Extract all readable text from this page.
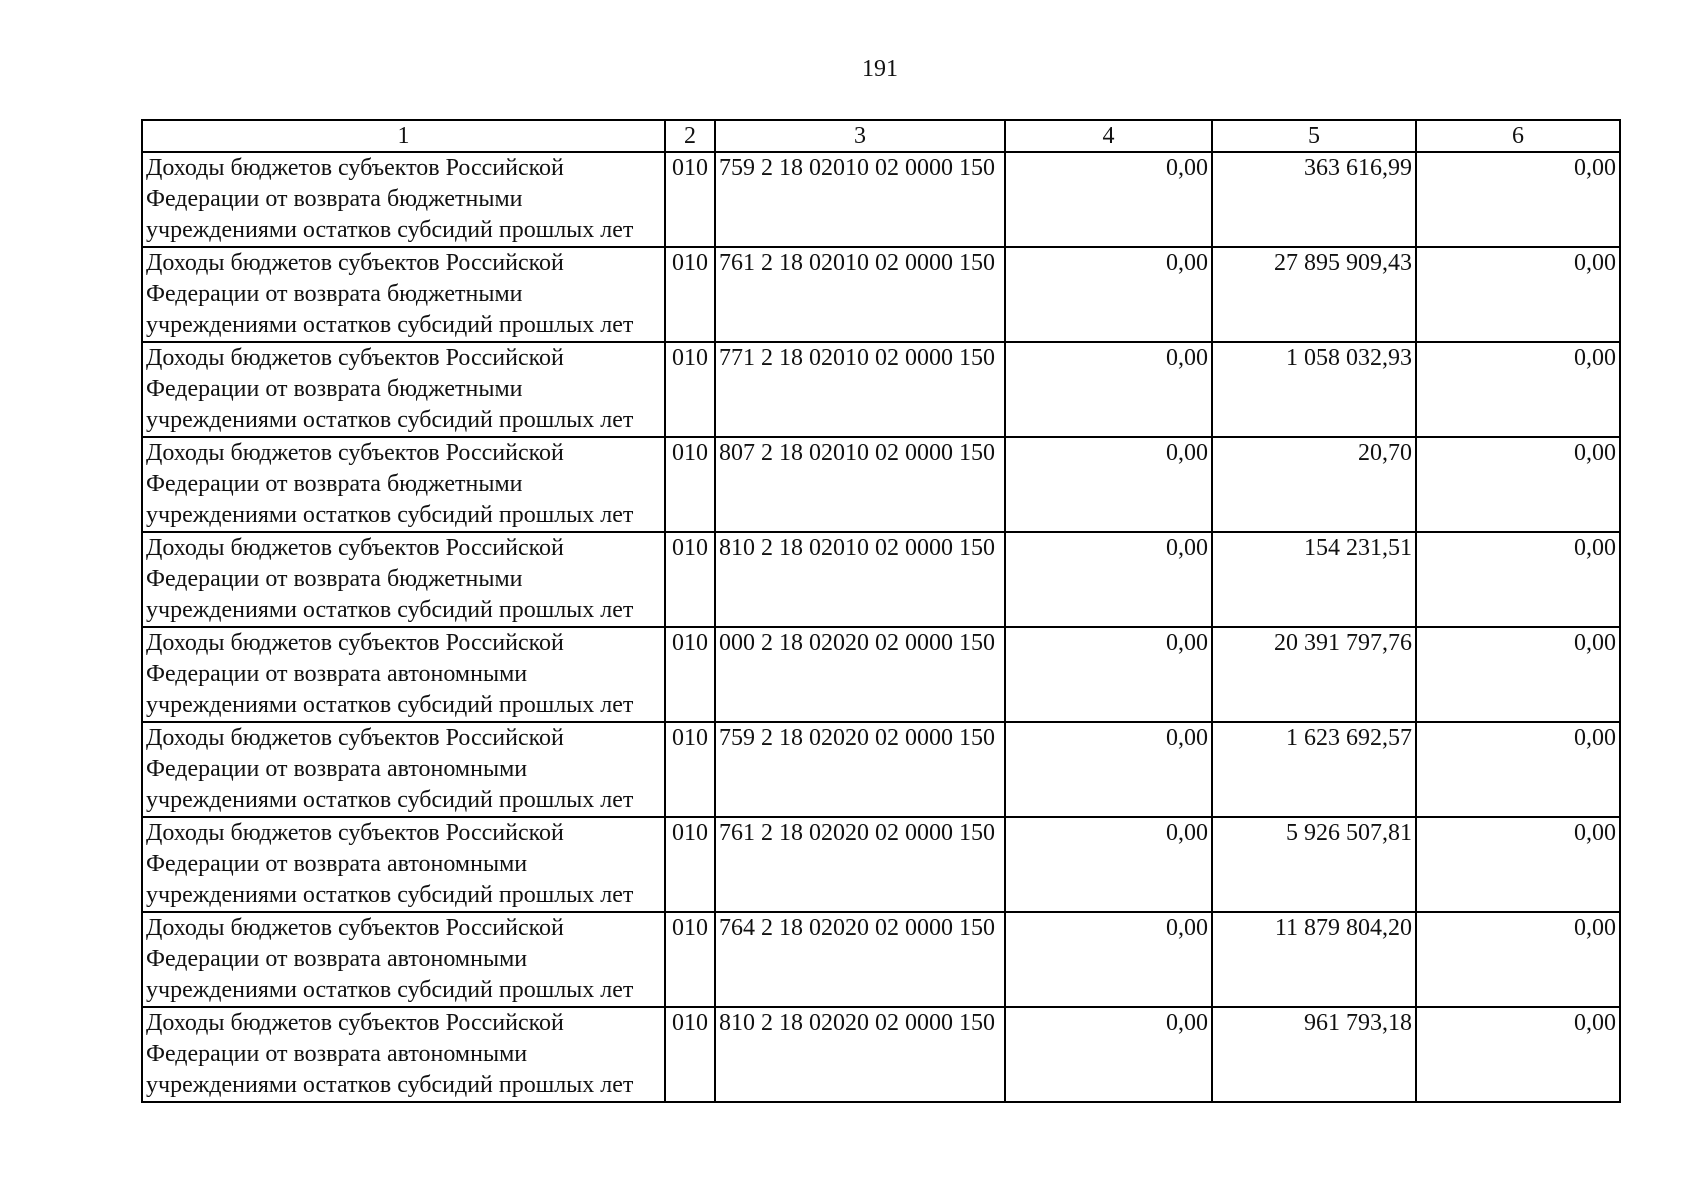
191
1	2	3	4	5	6

Доходы бюджетов субъектов Российской
Федерации от возврата бюджетными
учреждениями остатков субсидий прошлых лет	010	759 2 18 02010 02 0000 150	0,00	363 616,99	0,00

Доходы бюджетов субъектов Российской
Федерации от возврата бюджетными
учреждениями остатков субсидий прошлых лет	010	761 2 18 02010 02 0000 150	0,00	27 895 909,43	0,00

Доходы бюджетов субъектов Российской
Федерации от возврата бюджетными
учреждениями остатков субсидий прошлых лет	010	771 2 18 02010 02 0000 150	0,00	1 058 032,93	0,00

Доходы бюджетов субъектов Российской
Федерации от возврата бюджетными
учреждениями остатков субсидий прошлых лет	010	807 2 18 02010 02 0000 150	0,00	20,70	0,00

Доходы бюджетов субъектов Российской
Федерации от возврата бюджетными
учреждениями остатков субсидий прошлых лет	010	810 2 18 02010 02 0000 150	0,00	154 231,51	0,00

Доходы бюджетов субъектов Российской
Федерации от возврата автономными
учреждениями остатков субсидий прошлых лет	010	000 2 18 02020 02 0000 150	0,00	20 391 797,76	0,00

Доходы бюджетов субъектов Российской
Федерации от возврата автономными
учреждениями остатков субсидий прошлых лет	010	759 2 18 02020 02 0000 150	0,00	1 623 692,57	0,00

Доходы бюджетов субъектов Российской
Федерации от возврата автономными
учреждениями остатков субсидий прошлых лет	010	761 2 18 02020 02 0000 150	0,00	5 926 507,81	0,00

Доходы бюджетов субъектов Российской
Федерации от возврата автономными
учреждениями остатков субсидий прошлых лет	010	764 2 18 02020 02 0000 150	0,00	11 879 804,20	0,00

Доходы бюджетов субъектов Российской
Федерации от возврата автономными
учреждениями остатков субсидий прошлых лет	010	810 2 18 02020 02 0000 150	0,00	961 793,18	0,00
